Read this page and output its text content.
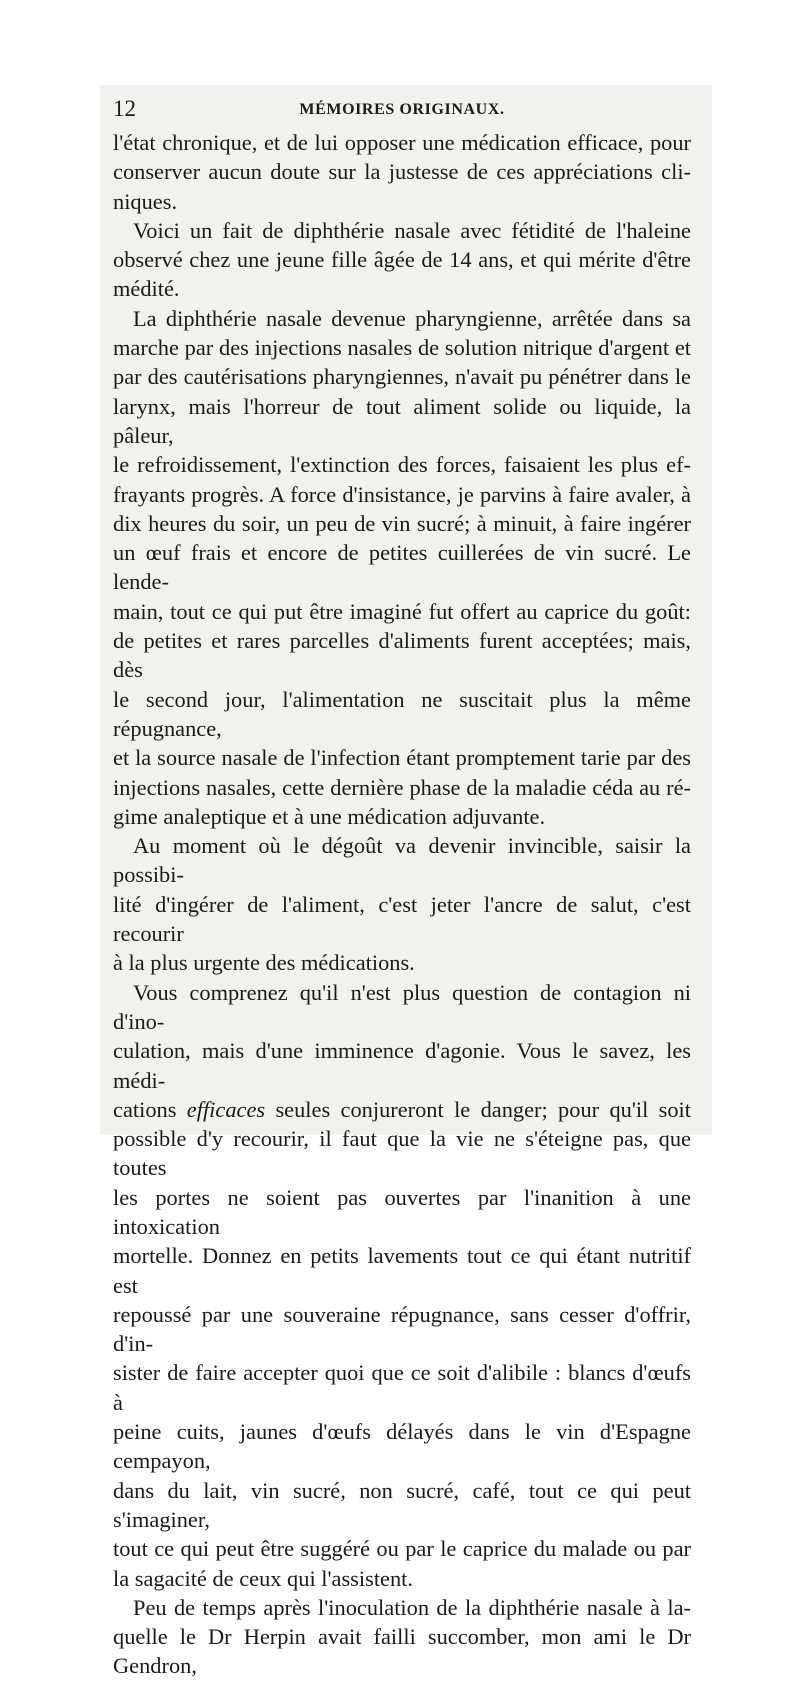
12	MÉMOIRES ORIGINAUX.

l'état chronique, et de lui opposer une médication efficace, pour
conserver aucun doute sur la justesse de ces appréciations cli-
niques.

Voici un fait de diphthérie nasale avec fétidité de l'haleine
observé chez une jeune fille âgée de 14 ans, et qui mérite d'être
médité.

La diphthérie nasale devenue pharyngienne, arrêtée dans sa
marche par des injections nasales de solution nitrique d'argent et
par des cautérisations pharyngiennes, n'avait pu pénétrer dans le
larynx, mais l'horreur de tout aliment solide ou liquide, la pâleur,
le refroidissement, l'extinction des forces, faisaient les plus ef-
frayants progrès. A force d'insistance, je parvins à faire avaler, à
dix heures du soir, un peu de vin sucré; à minuit, à faire ingérer
un œuf frais et encore de petites cuillerées de vin sucré. Le lende-
main, tout ce qui put être imaginé fut offert au caprice du goût:
de petites et rares parcelles d'aliments furent acceptées; mais, dès
le second jour, l'alimentation ne suscitait plus la même répugnance,
et la source nasale de l'infection étant promptement tarie par des
injections nasales, cette dernière phase de la maladie céda au ré-
gime analeptique et à une médication adjuvante.

Au moment où le dégoût va devenir invincible, saisir la possibi-
lité d'ingérer de l'aliment, c'est jeter l'ancre de salut, c'est recourir
à la plus urgente des médications.

Vous comprenez qu'il n'est plus question de contagion ni d'ino-
culation, mais d'une imminence d'agonie. Vous le savez, les médi-
cations efficaces seules conjureront le danger; pour qu'il soit
possible d'y recourir, il faut que la vie ne s'éteigne pas, que toutes
les portes ne soient pas ouvertes par l'inanition à une intoxication
mortelle. Donnez en petits lavements tout ce qui étant nutritif est
repoussé par une souveraine répugnance, sans cesser d'offrir, d'in-
sister de faire accepter quoi que ce soit d'alibile : blancs d'œufs à
peine cuits, jaunes d'œufs délayés dans le vin d'Espagne cempayon,
dans du lait, vin sucré, non sucré, café, tout ce qui peut s'imaginer,
tout ce qui peut être suggéré ou par le caprice du malade ou par
la sagacité de ceux qui l'assistent.

Peu de temps après l'inoculation de la diphthérie nasale à la-
quelle le Dr Herpin avait failli succomber, mon ami le Dr Gendron,
